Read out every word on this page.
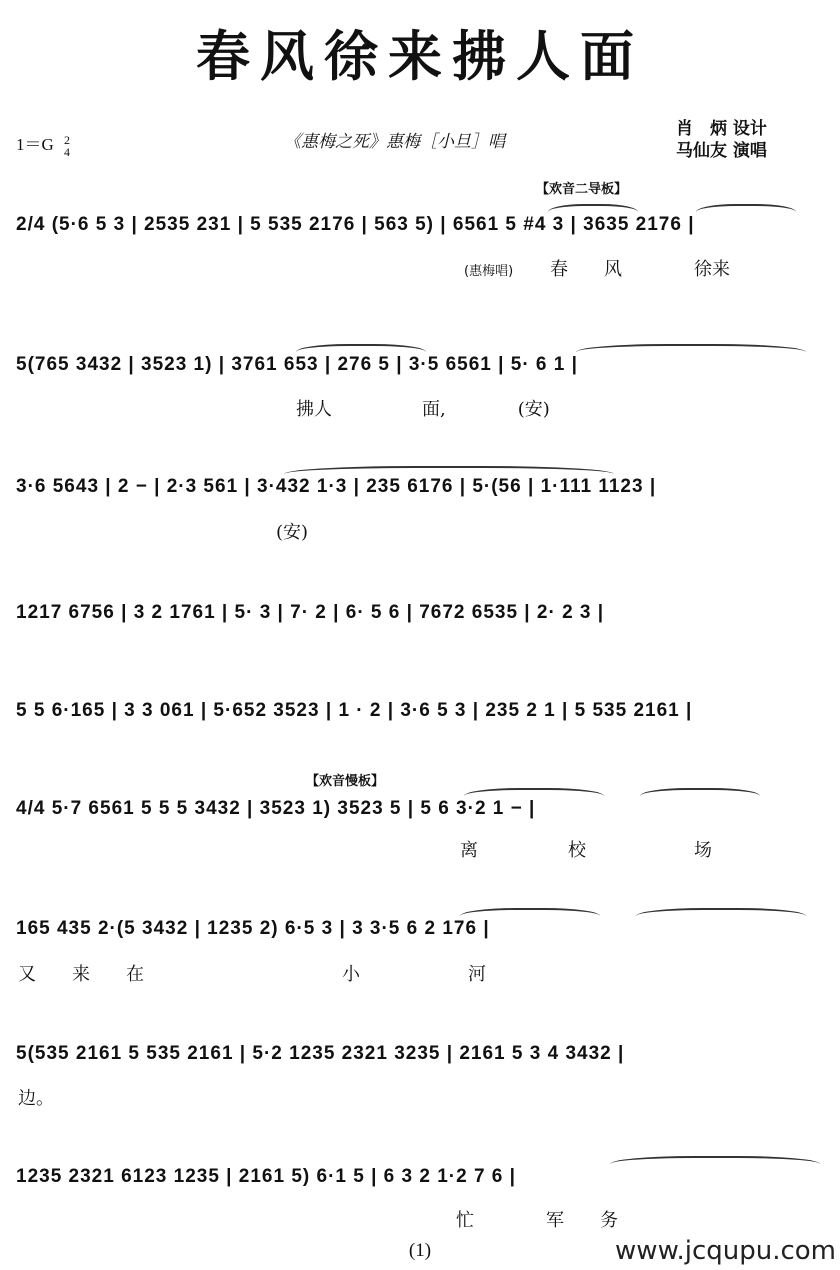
春风徐来拂人面
1＝G 2
4
《惠梅之死》惠梅［小旦］唱
肖　炳 设计
马仙友 演唱
【欢音二导板】
【欢音慢板】
2/4 (5·6 5 3 | 2535 231 | 5 535 2176 | 563 5) | 6561 5 #4 3 | 3635 2176 |
5(765 3432 | 3523 1) | 3761 653 | 276 5 | 3·5 6561 | 5· 6 1 |
3·6 5643 | 2 − | 2·3 561 | 3·432 1·3 | 235 6176 | 5·(56 | 1·111 1123 |
1217 6756 | 3 2 1761 | 5· 3 | 7· 2 | 6· 5 6 | 7672 6535 | 2· 2 3 |
5 5 6·165 | 3 3 061 | 5·652 3523 | 1 · 2 | 3·6 5 3 | 235 2 1 | 5 535 2161 |
4/4 5·7 6561 5 5 5 3432 | 3523 1) 3523 5 | 5 6 3·2 1 − |
165 435 2·(5 3432 | 1235 2) 6·5 3 | 3 3·5 6 2 176 |
5(535 2161 5 535 2161 | 5·2 1235 2321 3235 | 2161 5 3 4 3432 |
1235 2321 6123 1235 | 2161 5) 6·1 5 | 6 3 2 1·2 7 6 |
(惠梅唱) 春　　风　　　　徐来
拂人　　　　　面,　　　　(安)
(安)
离　　　　　校　　　　　　场
又　　来　　在　　　　　　　　　　　小　　　　　　河
边。
忙　　　　军　　务
(1)	www.jcqupu.com
